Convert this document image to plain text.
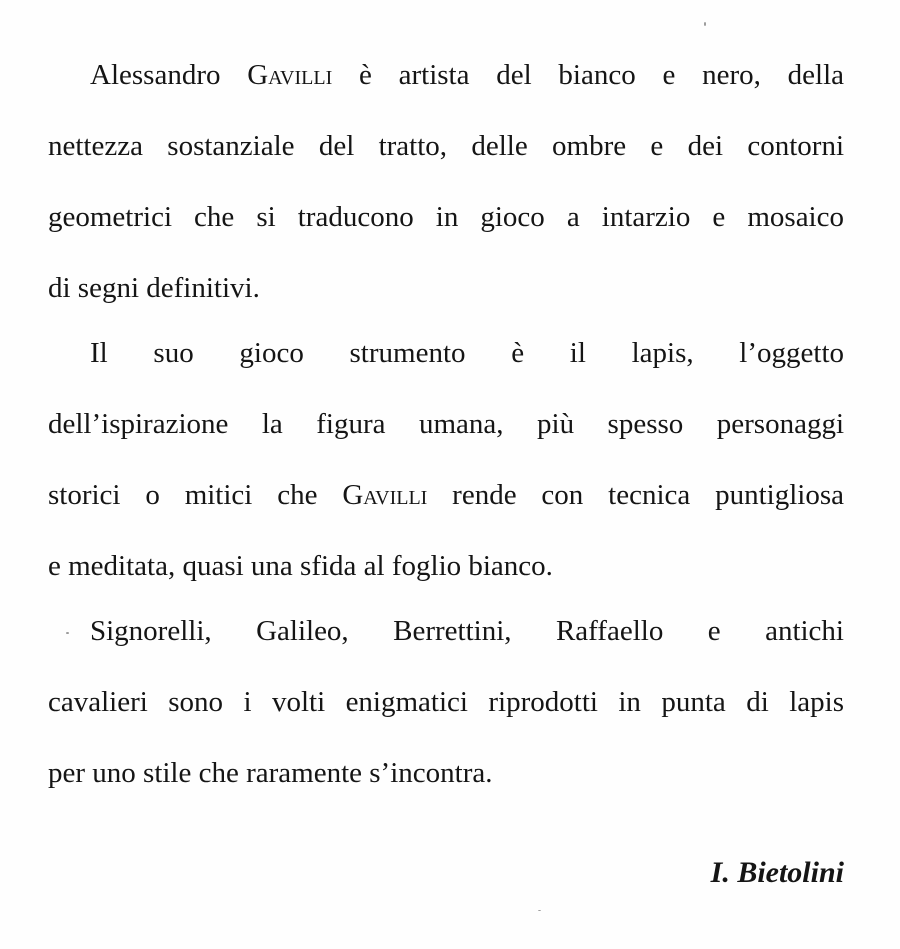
Alessandro Gavilli è artista del bianco e nero, della
nettezza sostanziale del tratto, delle ombre e dei contorni
geometrici che si traducono in gioco a intarzio e mosaico
di segni definitivi.
Il suo gioco strumento è il lapis, l’oggetto
dell’ispirazione la figura umana, più spesso personaggi
storici o mitici che Gavilli rende con tecnica puntigliosa
e meditata, quasi una sfida al foglio bianco.
Signorelli, Galileo, Berrettini, Raffaello e antichi
cavalieri sono i volti enigmatici riprodotti in punta di lapis
per uno stile che raramente s’incontra.
I. Bietolini
